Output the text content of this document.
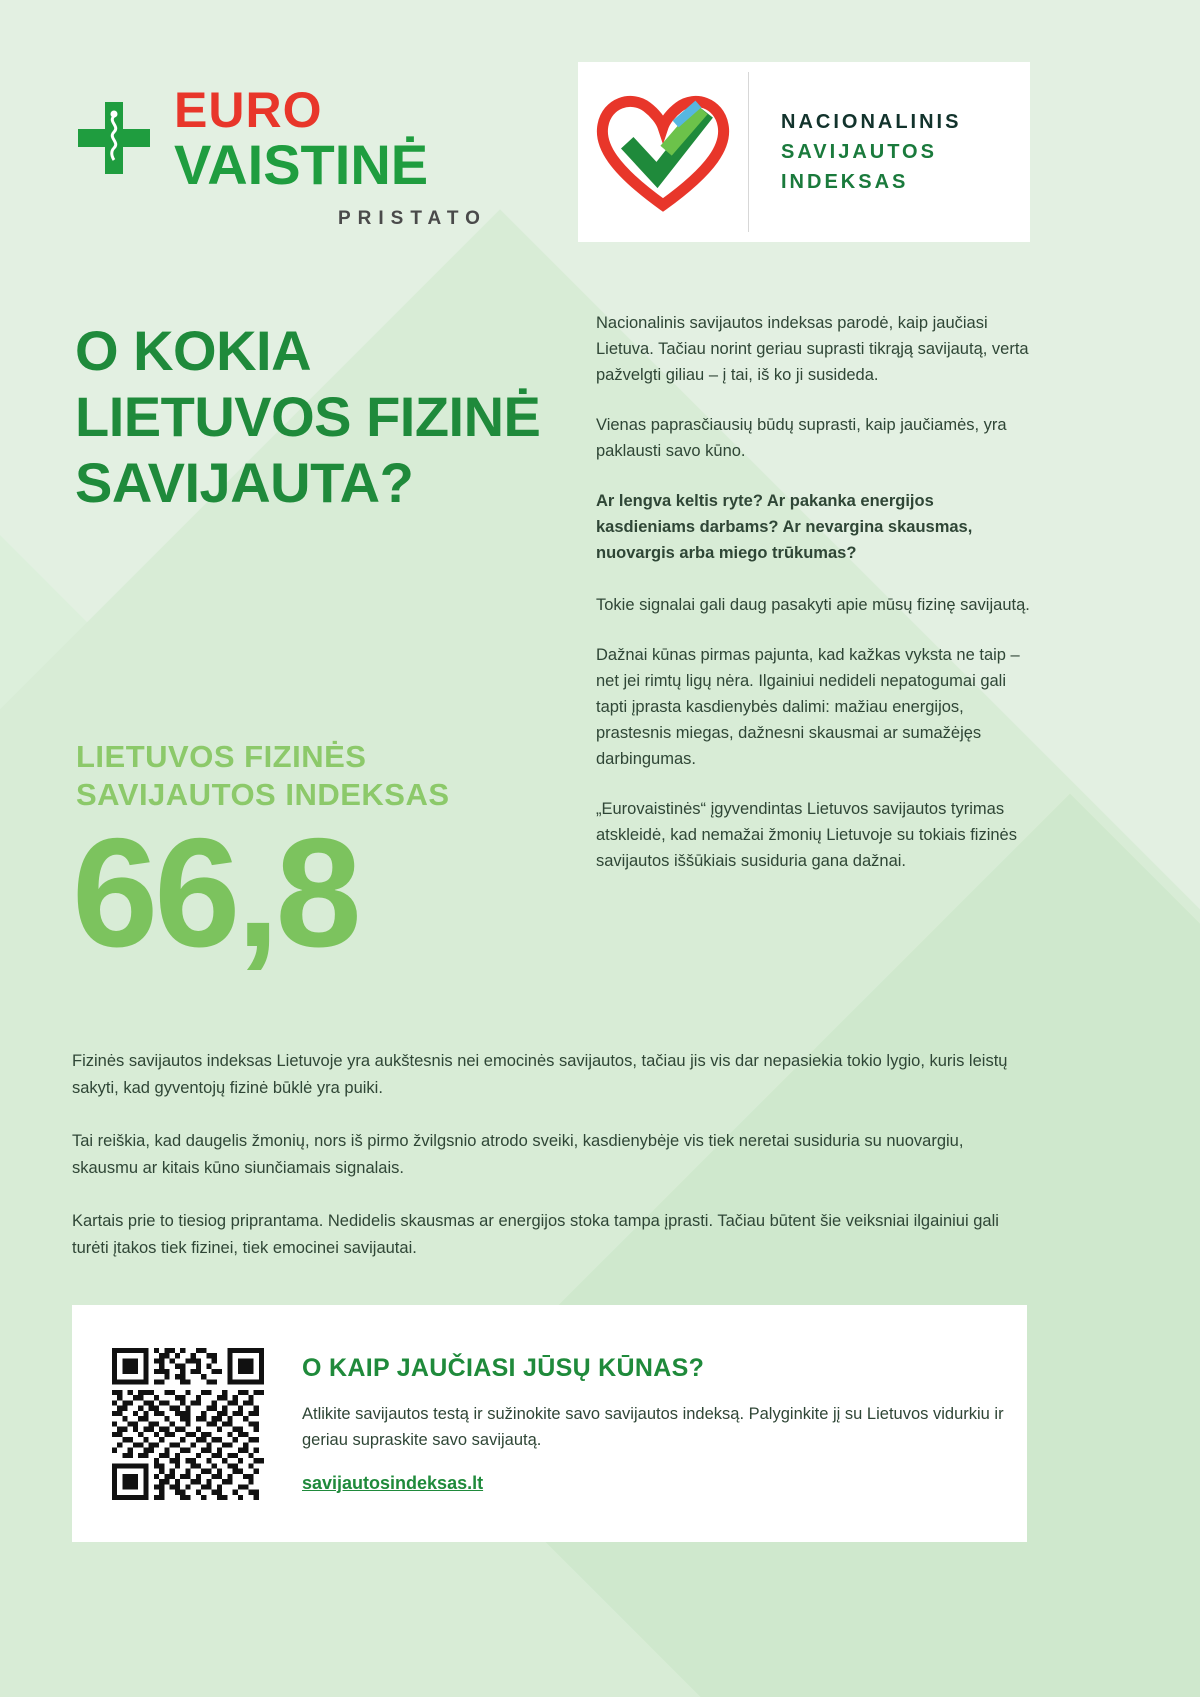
EURO
VAISTINĖ
PRISTATO
NACIONALINIS
SAVIJAUTOS
INDEKSAS
O KOKIA LIETUVOS FIZINĖ SAVIJAUTA?
LIETUVOS FIZINĖS SAVIJAUTOS INDEKSAS
66,8

Nacionalinis savijautos indeksas parodė, kaip jaučiasi Lietuva. Tačiau norint geriau suprasti tikrąją savijautą, verta pažvelgti giliau – į tai, iš ko ji susideda.

Vienas paprasčiausių būdų suprasti, kaip jaučiamės, yra paklausti savo kūno.

Ar lengva keltis ryte? Ar pakanka energijos kasdieniams darbams? Ar nevargina skausmas, nuovargis arba miego trūkumas?

Tokie signalai gali daug pasakyti apie mūsų fizinę savijautą.

Dažnai kūnas pirmas pajunta, kad kažkas vyksta ne taip – net jei rimtų ligų nėra. Ilgainiui nedideli nepatogumai gali tapti įprasta kasdienybės dalimi: mažiau energijos, prastesnis miegas, dažnesni skausmai ar sumažėjęs darbingumas.

„Eurovaistinės“ įgyvendintas Lietuvos savijautos tyrimas atskleidė, kad nemažai žmonių Lietuvoje su tokiais fizinės savijautos iššūkiais susiduria gana dažnai.

Fizinės savijautos indeksas Lietuvoje yra aukštesnis nei emocinės savijautos, tačiau jis vis dar nepasiekia tokio lygio, kuris leistų sakyti, kad gyventojų fizinė būklė yra puiki.

Tai reiškia, kad daugelis žmonių, nors iš pirmo žvilgsnio atrodo sveiki, kasdienybėje vis tiek neretai susiduria su nuovargiu, skausmu ar kitais kūno siunčiamais signalais.

Kartais prie to tiesiog priprantama. Nedidelis skausmas ar energijos stoka tampa įprasti. Tačiau būtent šie veiksniai ilgainiui gali turėti įtakos tiek fizinei, tiek emocinei savijautai.

O KAIP JAUČIASI JŪSŲ KŪNAS?
Atlikite savijautos testą ir sužinokite savo savijautos indeksą. Palyginkite jį su Lietuvos vidurkiu ir geriau supraskite savo savijautą.
savijautosindeksas.lt
